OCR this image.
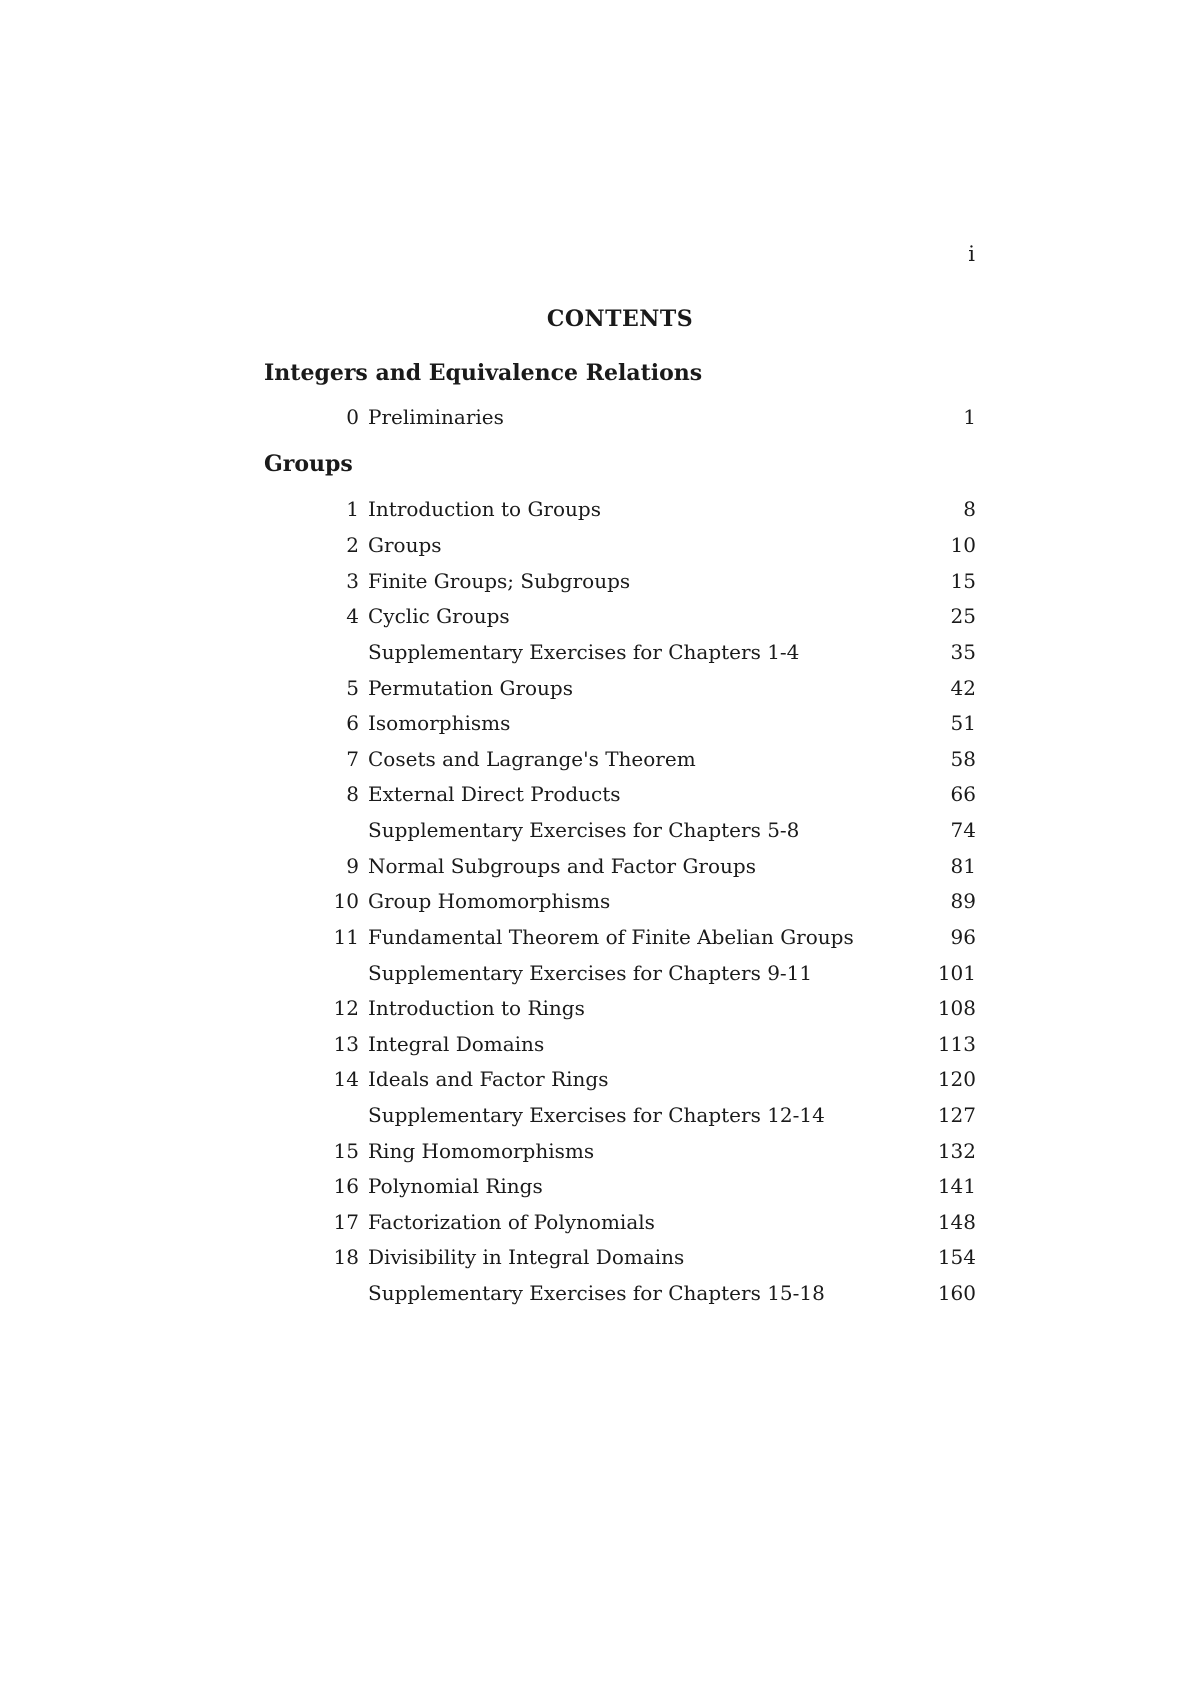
i
CONTENTS
Integers and Equivalence Relations
0 Preliminaries	1
Groups
1 Introduction to Groups	8
2 Groups	10
3 Finite Groups; Subgroups	15
4 Cyclic Groups	25
Supplementary Exercises for Chapters 1-4	35
5 Permutation Groups	42
6 Isomorphisms	51
7 Cosets and Lagrange's Theorem	58
8 External Direct Products	66
Supplementary Exercises for Chapters 5-8	74
9 Normal Subgroups and Factor Groups	81
10 Group Homomorphisms	89
11 Fundamental Theorem of Finite Abelian Groups	96
Supplementary Exercises for Chapters 9-11	101
12 Introduction to Rings	108
13 Integral Domains	113
14 Ideals and Factor Rings	120
Supplementary Exercises for Chapters 12-14	127
15 Ring Homomorphisms	132
16 Polynomial Rings	141
17 Factorization of Polynomials	148
18 Divisibility in Integral Domains	154
Supplementary Exercises for Chapters 15-18	160
